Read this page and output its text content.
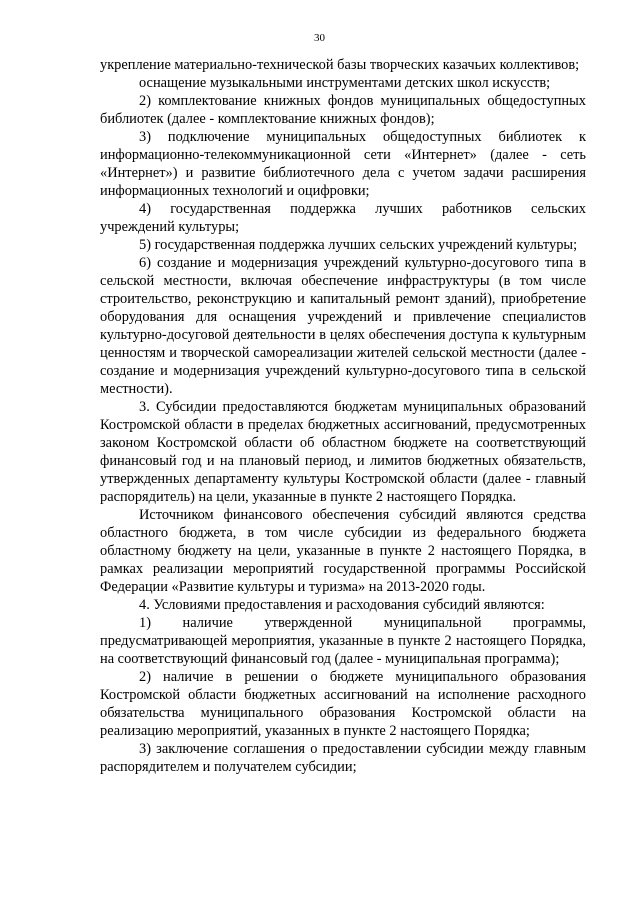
30

укрепление материально-технической базы творческих казачьих коллективов;

оснащение музыкальными инструментами детских школ искусств;

2) комплектование книжных фондов муниципальных общедоступных библиотек (далее - комплектование книжных фондов);

3) подключение муниципальных общедоступных библиотек к информационно-телекоммуникационной сети «Интернет» (далее - сеть «Интернет») и развитие библиотечного дела с учетом задачи расширения информационных технологий и оцифровки;

4) государственная поддержка лучших работников сельских учреждений культуры;

5) государственная поддержка лучших сельских учреждений культуры;

6) создание и модернизация учреждений культурно-досугового типа в сельской местности, включая обеспечение инфраструктуры (в том числе строительство, реконструкцию и капитальный ремонт зданий), приобретение оборудования для оснащения учреждений и привлечение специалистов культурно-досуговой деятельности в целях обеспечения доступа к культурным ценностям и творческой самореализации жителей сельской местности (далее - создание и модернизация учреждений культурно-досугового типа в сельской местности).

3. Субсидии предоставляются бюджетам муниципальных образований Костромской области в пределах бюджетных ассигнований, предусмотренных законом Костромской области об областном бюджете на соответствующий финансовый год и на плановый период, и лимитов бюджетных обязательств, утвержденных департаменту культуры Костромской области (далее - главный распорядитель) на цели, указанные в пункте 2 настоящего Порядка.

Источником финансового обеспечения субсидий являются средства областного бюджета, в том числе субсидии из федерального бюджета областному бюджету на цели, указанные в пункте 2 настоящего Порядка, в рамках реализации мероприятий государственной программы Российской Федерации «Развитие культуры и туризма» на 2013-2020 годы.

4. Условиями предоставления и расходования субсидий являются:

1) наличие утвержденной муниципальной программы, предусматривающей мероприятия, указанные в пункте 2 настоящего Порядка, на соответствующий финансовый год (далее - муниципальная программа);

2) наличие в решении о бюджете муниципального образования Костромской области бюджетных ассигнований на исполнение расходного обязательства муниципального образования Костромской области на реализацию мероприятий, указанных в пункте 2 настоящего Порядка;

3) заключение соглашения о предоставлении субсидии между главным распорядителем и получателем субсидии;
